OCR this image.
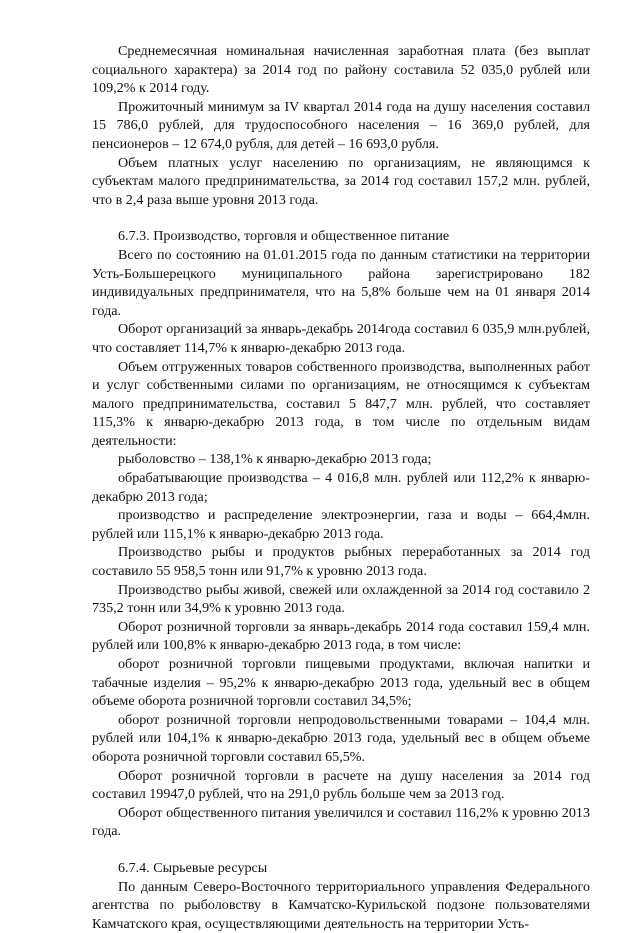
Среднемесячная номинальная начисленная заработная плата (без выплат социального характера) за 2014 год по району составила 52 035,0 рублей или 109,2% к 2014 году.

Прожиточный минимум за IV квартал 2014 года на душу населения составил 15 786,0 рублей, для трудоспособного населения – 16 369,0 рублей, для пенсионеров – 12 674,0 рубля, для детей – 16 693,0 рубля.

Объем платных услуг населению по организациям, не являющимся к субъектам малого предпринимательства, за 2014 год составил 157,2 млн. рублей, что в 2,4 раза выше уровня 2013 года.

6.7.3. Производство, торговля и общественное питание

Всего по состоянию на 01.01.2015 года по данным статистики на территории Усть-Большерецкого муниципального района зарегистрировано 182 индивидуальных предпринимателя, что на 5,8% больше чем на 01 января 2014 года.

Оборот организаций за январь-декабрь 2014года составил 6 035,9 млн.рублей, что составляет 114,7% к январю-декабрю 2013 года.

Объем отгруженных товаров собственного производства, выполненных работ и услуг собственными силами по организациям, не относящимся к субъектам малого предпринимательства, составил 5 847,7 млн. рублей, что составляет 115,3% к январю-декабрю 2013 года, в том числе по отдельным видам деятельности:

рыболовство – 138,1% к январю-декабрю 2013 года;

обрабатывающие производства – 4 016,8 млн. рублей или 112,2% к январю-декабрю 2013 года;

производство и распределение электроэнергии, газа и воды – 664,4млн. рублей или 115,1% к январю-декабрю 2013 года.

Производство рыбы и продуктов рыбных переработанных за 2014 год составило 55 958,5 тонн или 91,7% к уровню 2013 года.

Производство рыбы живой, свежей или охлажденной за 2014 год составило 2 735,2 тонн или 34,9% к уровню 2013 года.

Оборот розничной торговли за январь-декабрь 2014 года составил 159,4 млн. рублей или 100,8% к январю-декабрю 2013 года, в том числе:

оборот розничной торговли пищевыми продуктами, включая напитки и табачные изделия – 95,2% к январю-декабрю 2013 года, удельный вес в общем объеме оборота розничной торговли составил 34,5%;

оборот розничной торговли непродовольственными товарами – 104,4 млн. рублей или 104,1% к январю-декабрю 2013 года, удельный вес в общем объеме оборота розничной торговли составил 65,5%.

Оборот розничной торговли в расчете на душу населения за 2014 год составил 19947,0 рублей, что на 291,0 рубль больше чем за 2013 год.

Оборот общественного питания увеличился и составил 116,2% к уровню 2013 года.

6.7.4. Сырьевые ресурсы

По данным Северо-Восточного территориального управления Федерального агентства по рыболовству в Камчатско-Курильской подзоне пользователями Камчатского края, осуществляющими деятельность на территории Усть-
